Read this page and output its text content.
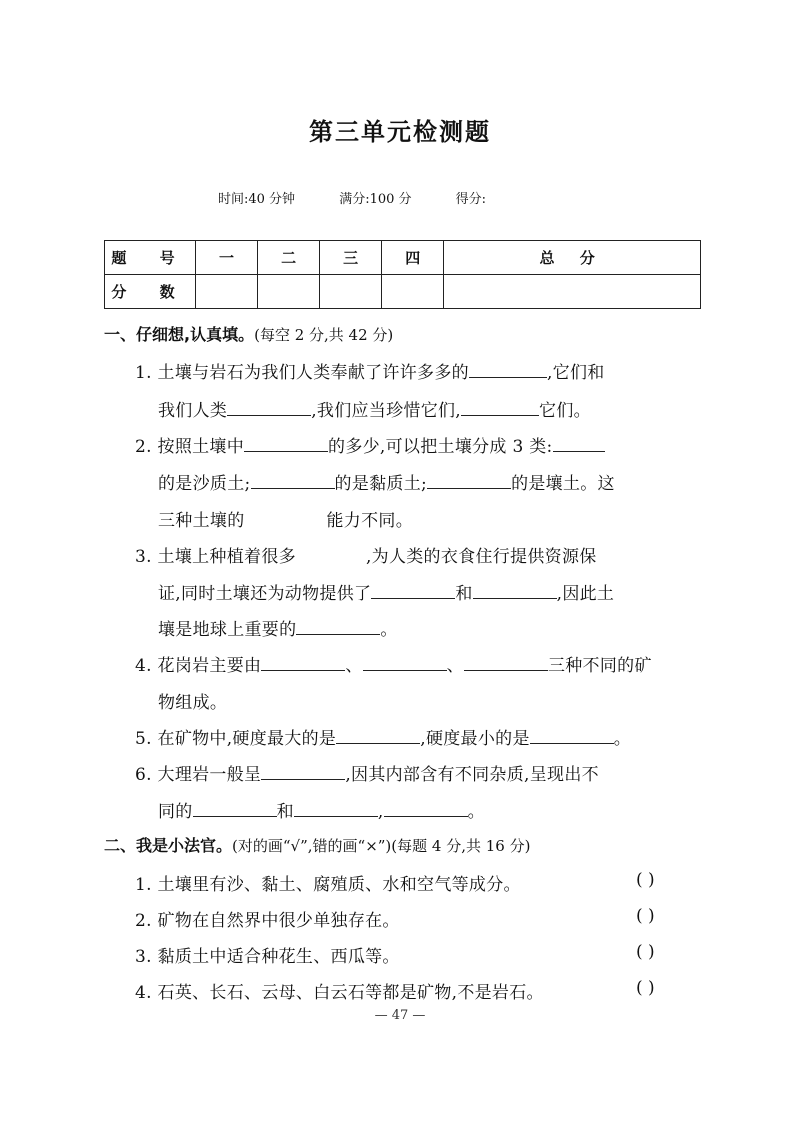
第三单元检测题
时间:40 分钟	满分:100 分	得分:
题 号	一	二	三	四	总 分
分 数					
一、仔细想,认真填。(每空 2 分,共 42 分)
1. 土壤与岩石为我们人类奉献了许许多多的	,它们和
我们人类	,我们应当珍惜它们,	它们。
2. 按照土壤中	的多少,可以把土壤分成 3 类:
的是沙质土;	的是黏质土;	的是壤土。这
三种土壤的	能力不同。
3. 土壤上种植着很多	,为人类的衣食住行提供资源保
证,同时土壤还为动物提供了	和	,因此土
壤是地球上重要的	。
4. 花岗岩主要由	、	、	三种不同的矿
物组成。
5. 在矿物中,硬度最大的是	,硬度最小的是	。
6. 大理岩一般呈	,因其内部含有不同杂质,呈现出不
同的	和	,	。
二、我是小法官。(对的画“√”,错的画“×”)(每题 4 分,共 16 分)
1. 土壤里有沙、黏土、腐殖质、水和空气等成分。	( )
2. 矿物在自然界中很少单独存在。	( )
3. 黏质土中适合种花生、西瓜等。	( )
4. 石英、长石、云母、白云石等都是矿物,不是岩石。	( )
— 47 —
